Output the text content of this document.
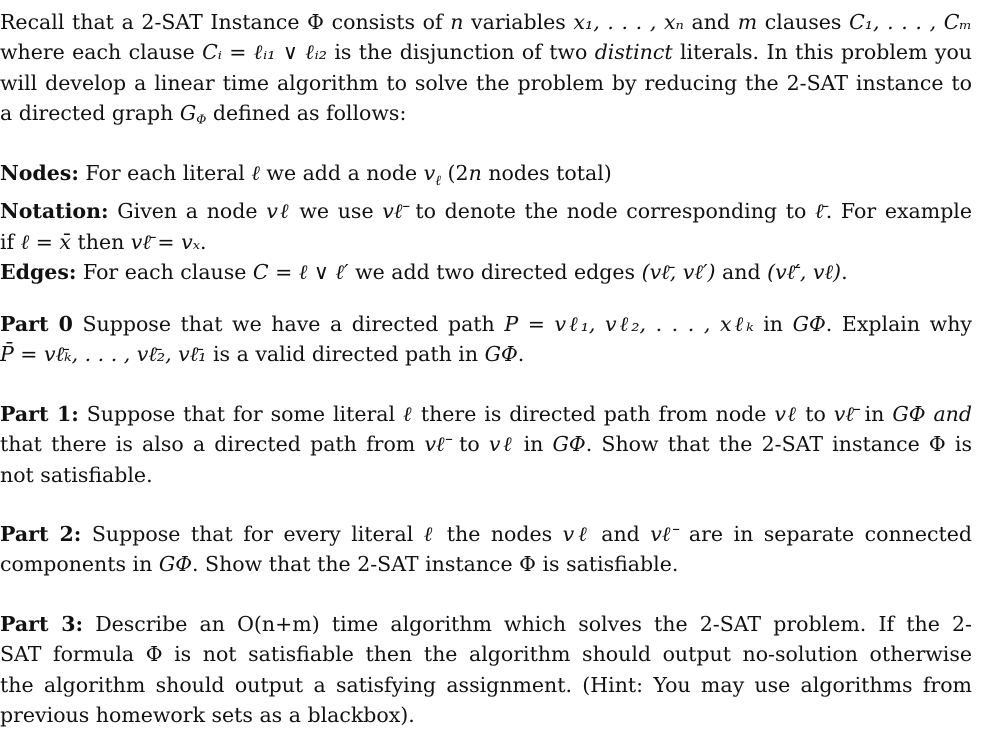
Recall that a 2-SAT Instance Φ consists of n variables x₁, . . . , xₙ and m clauses C₁, . . . , Cₘ
where each clause Cᵢ = ℓᵢ₁ ∨ ℓᵢ₂ is the disjunction of two distinct literals. In this problem you
will develop a linear time algorithm to solve the problem by reducing the 2-SAT instance to
a directed graph GΦ defined as follows:
Nodes: For each literal ℓ we add a node $v_\ell$ (2n nodes total)
Notation: Given a node vℓ we use vℓ̄ to denote the node corresponding to ℓ̄. For example
if ℓ = x̄ then vℓ̄ = vₓ.
Edges: For each clause C = ℓ ∨ ℓ′ we add two directed edges (vℓ̄, vℓ′) and (vℓ̄′, vℓ).
Part 0 Suppose that we have a directed path P = vℓ₁, vℓ₂, . . . , xℓₖ in GΦ. Explain why
P̄ = vℓ̄ₖ, . . . , vℓ̄₂, vℓ̄₁ is a valid directed path in GΦ.
Part 1: Suppose that for some literal ℓ there is directed path from node vℓ to vℓ̄ in GΦ and
that there is also a directed path from vℓ̄ to vℓ in GΦ. Show that the 2-SAT instance Φ is
not satisfiable.
Part 2: Suppose that for every literal ℓ the nodes vℓ and vℓ̄ are in separate connected
components in GΦ. Show that the 2-SAT instance Φ is satisfiable.
Part 3: Describe an O(n+m) time algorithm which solves the 2-SAT problem. If the 2-
SAT formula Φ is not satisfiable then the algorithm should output no-solution otherwise
the algorithm should output a satisfying assignment. (Hint: You may use algorithms from
previous homework sets as a blackbox).
